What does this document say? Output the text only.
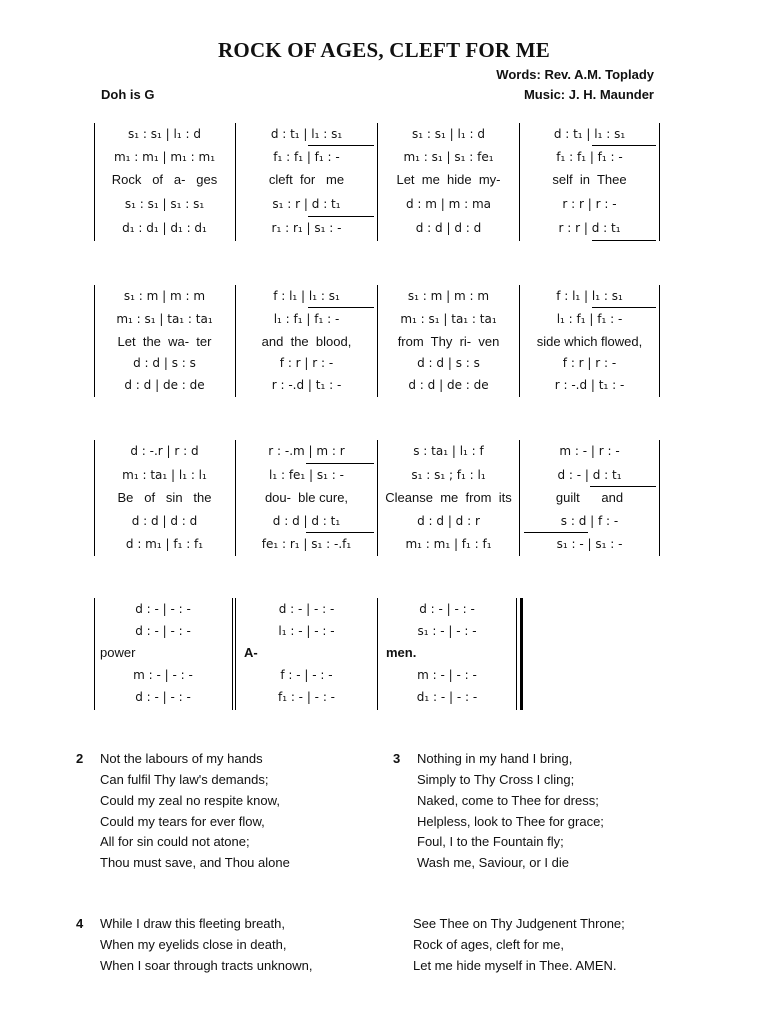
ROCK OF AGES, CLEFT FOR ME
Words: Rev. A.M. Toplady
Music: J. H. Maunder
Doh is G
s₁ : s₁ | l₁ : d
m₁ : m₁ | m₁ : m₁
Rock   of   a-   ges
s₁ : s₁ | s₁ : s₁
d₁ : d₁ | d₁ : d₁
d : t₁ | l₁ : s₁
f₁ : f₁ | f₁ : -
cleft  for   me
s₁ : r | d : t₁
r₁ : r₁ | s₁ : -
s₁ : s₁ | l₁ : d
m₁ : s₁ | s₁ : fe₁
Let  me  hide  my-
d : m | m : ma
d : d | d : d
d : t₁ | l₁ : s₁
f₁ : f₁ | f₁ : -
self  in  Thee
r : r | r : -
r : r | d : t₁
s₁ : m | m : m
m₁ : s₁ | ta₁ : ta₁
Let  the  wa-  ter
d : d | s : s
d : d | de : de
f : l₁ | l₁ : s₁
l₁ : f₁ | f₁ : -
and  the  blood,
f : r | r : -
r : -.d | t₁ : -
s₁ : m | m : m
m₁ : s₁ | ta₁ : ta₁
from  Thy  ri-  ven
d : d | s : s
d : d | de : de
f : l₁ | l₁ : s₁
l₁ : f₁ | f₁ : -
side which flowed,
f : r | r : -
r : -.d | t₁ : -
d : -.r | r : d
m₁ : ta₁ | l₁ : l₁
Be   of   sin   the
d : d | d : d
d : m₁ | f₁ : f₁
r : -.m | m : r
l₁ : fe₁ | s₁ : -
dou-  ble cure,
d : d | d : t₁
fe₁ : r₁ | s₁ : -.f₁
s : ta₁ | l₁ : f
s₁ : s₁ ; f₁ : l₁
Cleanse  me  from  its
d : d | d : r
m₁ : m₁ | f₁ : f₁
m : - | r : -
d : - | d : t₁
guilt      and
s : d | f : -
s₁ : - | s₁ : -
d : - | - : -
d : - | - : -
power
m : - | - : -
d : - | - : -
d : - | - : -
l₁ : - | - : -
A-
f : - | - : -
f₁ : - | - : -
d : - | - : -
s₁ : - | - : -
men.
m : - | - : -
d₁ : - | - : -
2 Not the labours of my hands
Can fulfil Thy law's demands;
Could my zeal no respite know,
Could my tears for ever flow,
All for sin could not atone;
Thou must save, and Thou alone
3 Nothing in my hand I bring,
Simply to Thy Cross I cling;
Naked, come to Thee for dress;
Helpless, look to Thee for grace;
Foul, I to the Fountain fly;
Wash me, Saviour, or I die
4 While I draw this fleeting breath,
When my eyelids close in death,
When I soar through tracts unknown,
See Thee on Thy Judgenent Throne;
Rock of ages, cleft for me,
Let me hide myself in Thee. AMEN.
